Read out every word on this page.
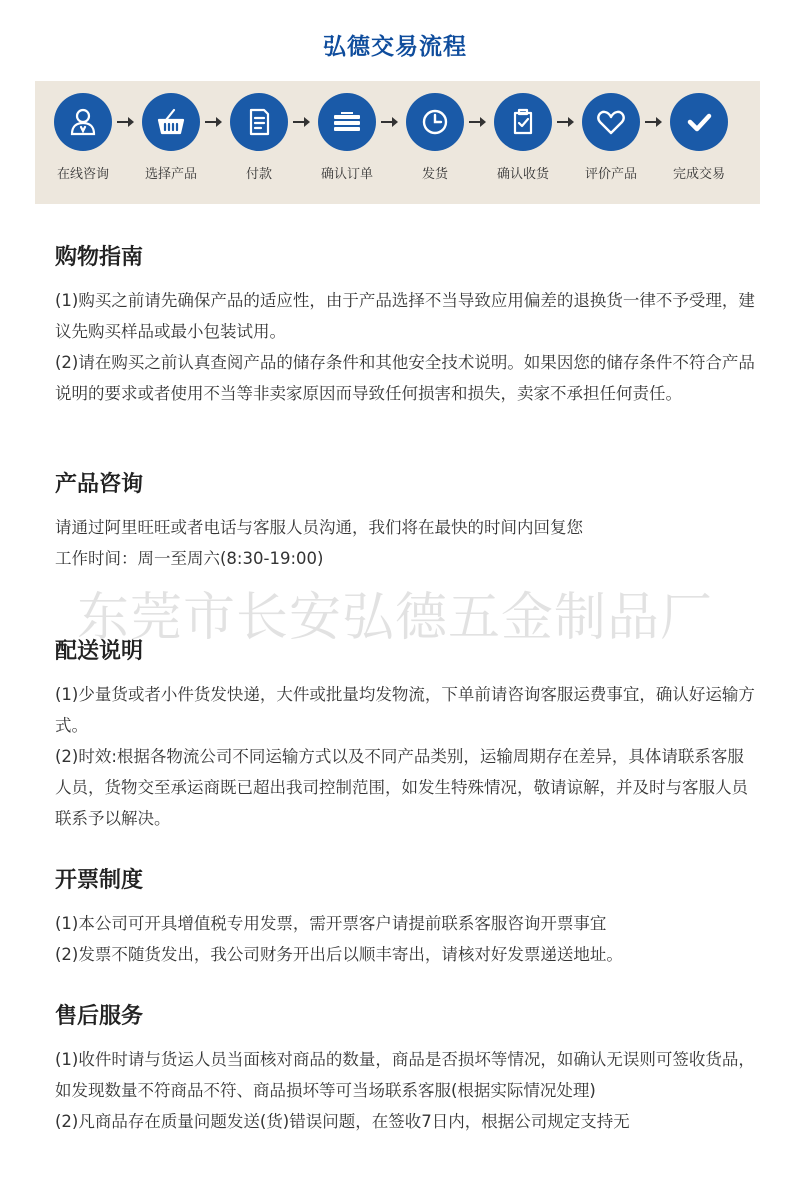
弘德交易流程
在线咨询	选择产品	付款	确认订单	发货	确认收货	评价产品	完成交易
购物指南

(1)购买之前请先确保产品的适应性，由于产品选择不当导致应用偏差的退换货一律不予受理，建议先购买样品或最小包装试用。

(2)请在购买之前认真查阅产品的储存条件和其他安全技术说明。如果因您的储存条件不符合产品说明的要求或者使用不当等非卖家原因而导致任何损害和损失，卖家不承担任何责任。

产品咨询

请通过阿里旺旺或者电话与客服人员沟通，我们将在最快的时间内回复您

工作时间：周一至周六(8:30-19:00)

东莞市长安弘德五金制品厂
配送说明

(1)少量货或者小件货发快递，大件或批量均发物流，下单前请咨询客服运费事宜，确认好运输方式。

(2)时效:根据各物流公司不同运输方式以及不同产品类别，运输周期存在差异，具体请联系客服人员，货物交至承运商既已超出我司控制范围，如发生特殊情况，敬请谅解，并及时与客服人员联系予以解决。

开票制度

(1)本公司可开具增值税专用发票，需开票客户请提前联系客服咨询开票事宜

(2)发票不随货发出，我公司财务开出后以顺丰寄出，请核对好发票递送地址。

售后服务

(1)收件时请与货运人员当面核对商品的数量，商品是否损坏等情况，如确认无误则可签收货品，如发现数量不符商品不符、商品损坏等可当场联系客服(根据实际情况处理)

(2)凡商品存在质量问题发送(货)错误问题，在签收7日内，根据公司规定支持无
